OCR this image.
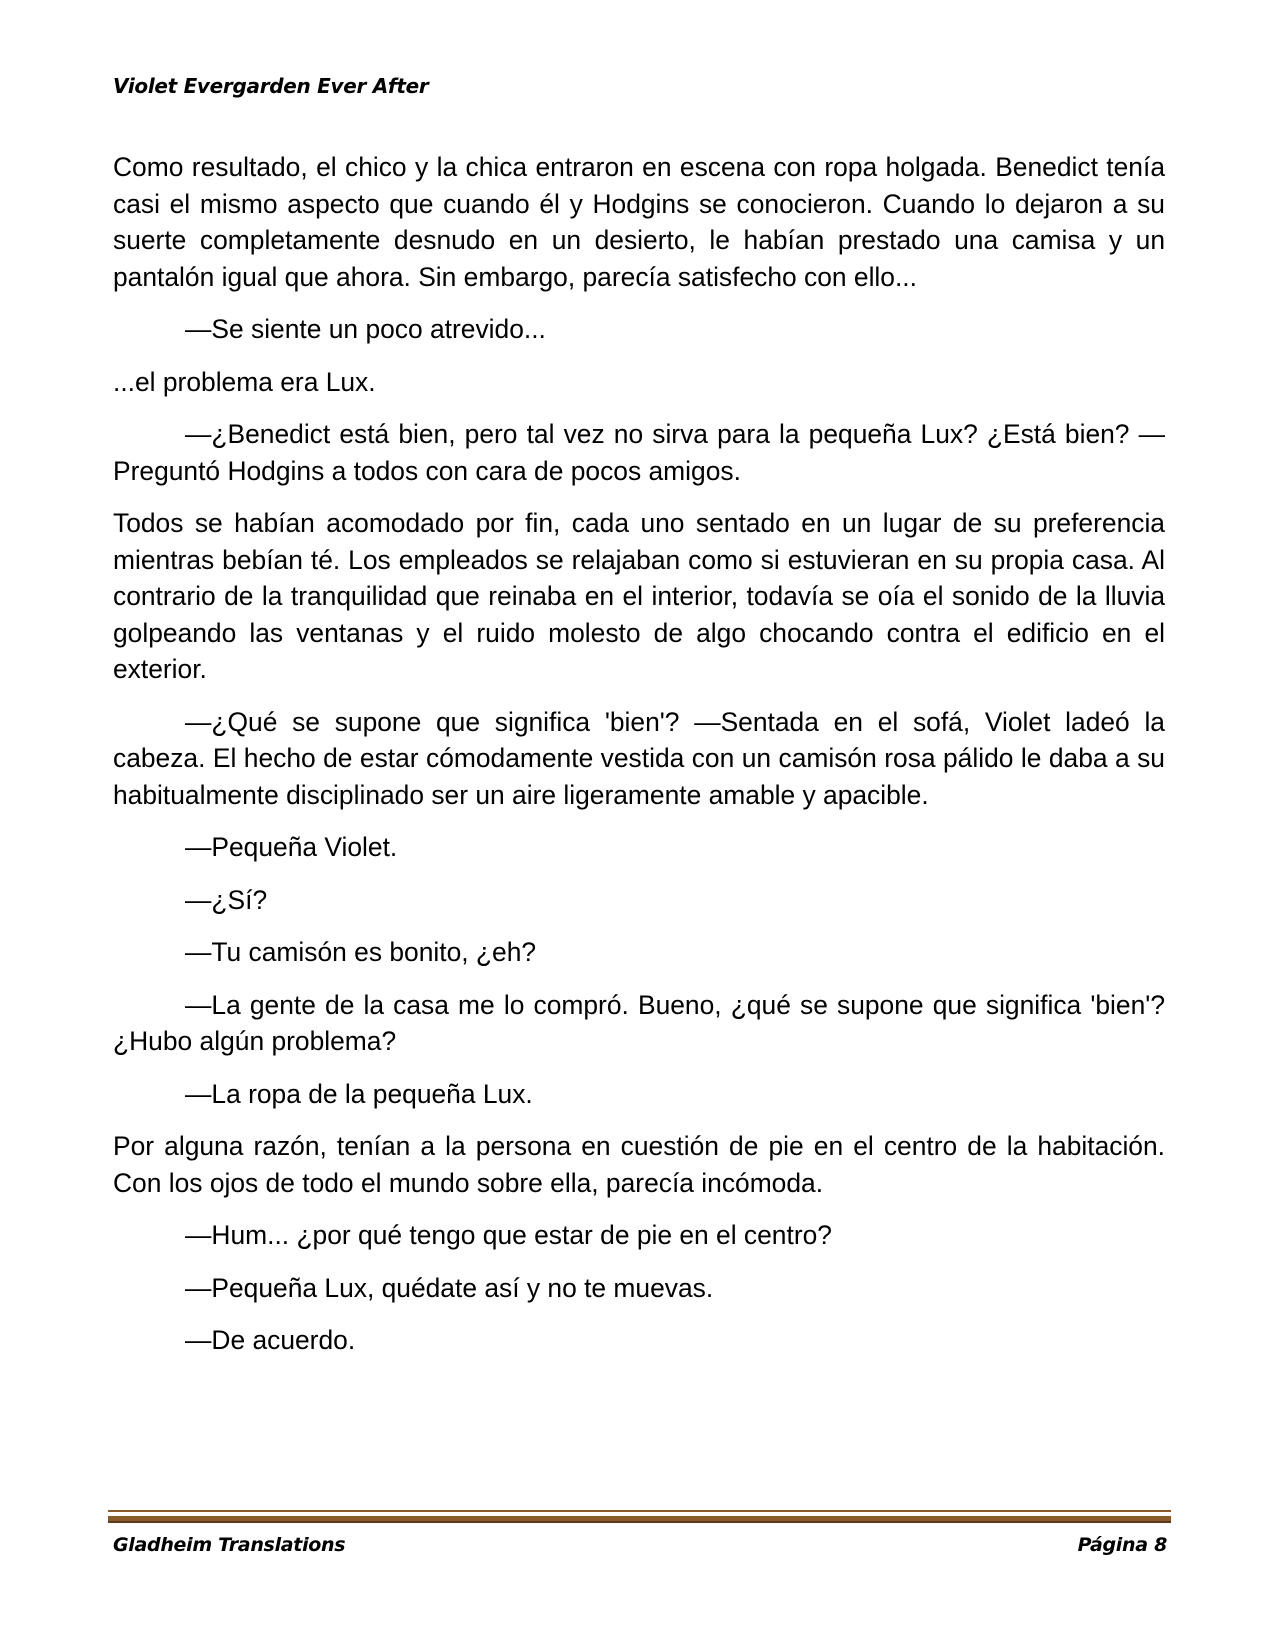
Violet Evergarden Ever After

Como resultado, el chico y la chica entraron en escena con ropa holgada. Benedict tenía casi el mismo aspecto que cuando él y Hodgins se conocieron. Cuando lo dejaron a su suerte completamente desnudo en un desierto, le habían prestado una camisa y un pantalón igual que ahora. Sin embargo, parecía satisfecho con ello...

—Se siente un poco atrevido...

...el problema era Lux.

—¿Benedict está bien, pero tal vez no sirva para la pequeña Lux? ¿Está bien? —Preguntó Hodgins a todos con cara de pocos amigos.

Todos se habían acomodado por fin, cada uno sentado en un lugar de su preferencia mientras bebían té. Los empleados se relajaban como si estuvieran en su propia casa. Al contrario de la tranquilidad que reinaba en el interior, todavía se oía el sonido de la lluvia golpeando las ventanas y el ruido molesto de algo chocando contra el edificio en el exterior.

—¿Qué se supone que significa 'bien'? —Sentada en el sofá, Violet ladeó la cabeza. El hecho de estar cómodamente vestida con un camisón rosa pálido le daba a su habitualmente disciplinado ser un aire ligeramente amable y apacible.

—Pequeña Violet.

—¿Sí?

—Tu camisón es bonito, ¿eh?

—La gente de la casa me lo compró. Bueno, ¿qué se supone que significa 'bien'? ¿Hubo algún problema?

—La ropa de la pequeña Lux.

Por alguna razón, tenían a la persona en cuestión de pie en el centro de la habitación. Con los ojos de todo el mundo sobre ella, parecía incómoda.

—Hum... ¿por qué tengo que estar de pie en el centro?

—Pequeña Lux, quédate así y no te muevas.

—De acuerdo.

Gladheim Translations	Página 8
